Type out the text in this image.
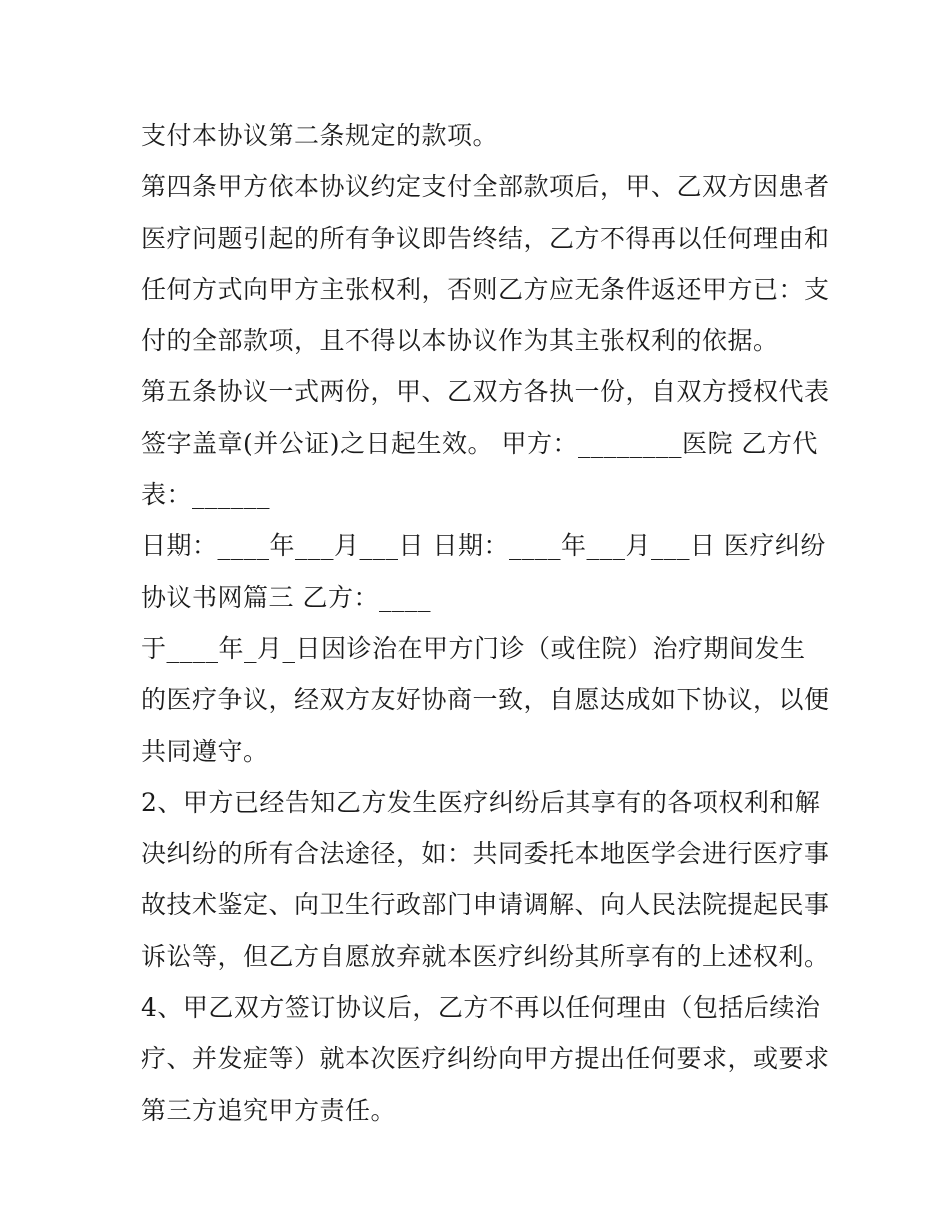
支付本协议第二条规定的款项。
第四条甲方依本协议约定支付全部款项后，甲、乙双方因患者
医疗问题引起的所有争议即告终结，乙方不得再以任何理由和
任何方式向甲方主张权利，否则乙方应无条件返还甲方已：支
付的全部款项，且不得以本协议作为其主张权利的依据。
第五条协议一式两份，甲、乙双方各执一份，自双方授权代表
签字盖章(并公证)之日起生效。 甲方：________医院 乙方代
表：______
日期：____年___月___日 日期：____年___月___日 医疗纠纷
协议书网篇三 乙方：____
于____年_月_日因诊治在甲方门诊（或住院）治疗期间发生
的医疗争议，经双方友好协商一致，自愿达成如下协议，以便
共同遵守。
2、甲方已经告知乙方发生医疗纠纷后其享有的各项权利和解
决纠纷的所有合法途径，如：共同委托本地医学会进行医疗事
故技术鉴定、向卫生行政部门申请调解、向人民法院提起民事
诉讼等，但乙方自愿放弃就本医疗纠纷其所享有的上述权利。
4、甲乙双方签订协议后，乙方不再以任何理由（包括后续治
疗、并发症等）就本次医疗纠纷向甲方提出任何要求，或要求
第三方追究甲方责任。
